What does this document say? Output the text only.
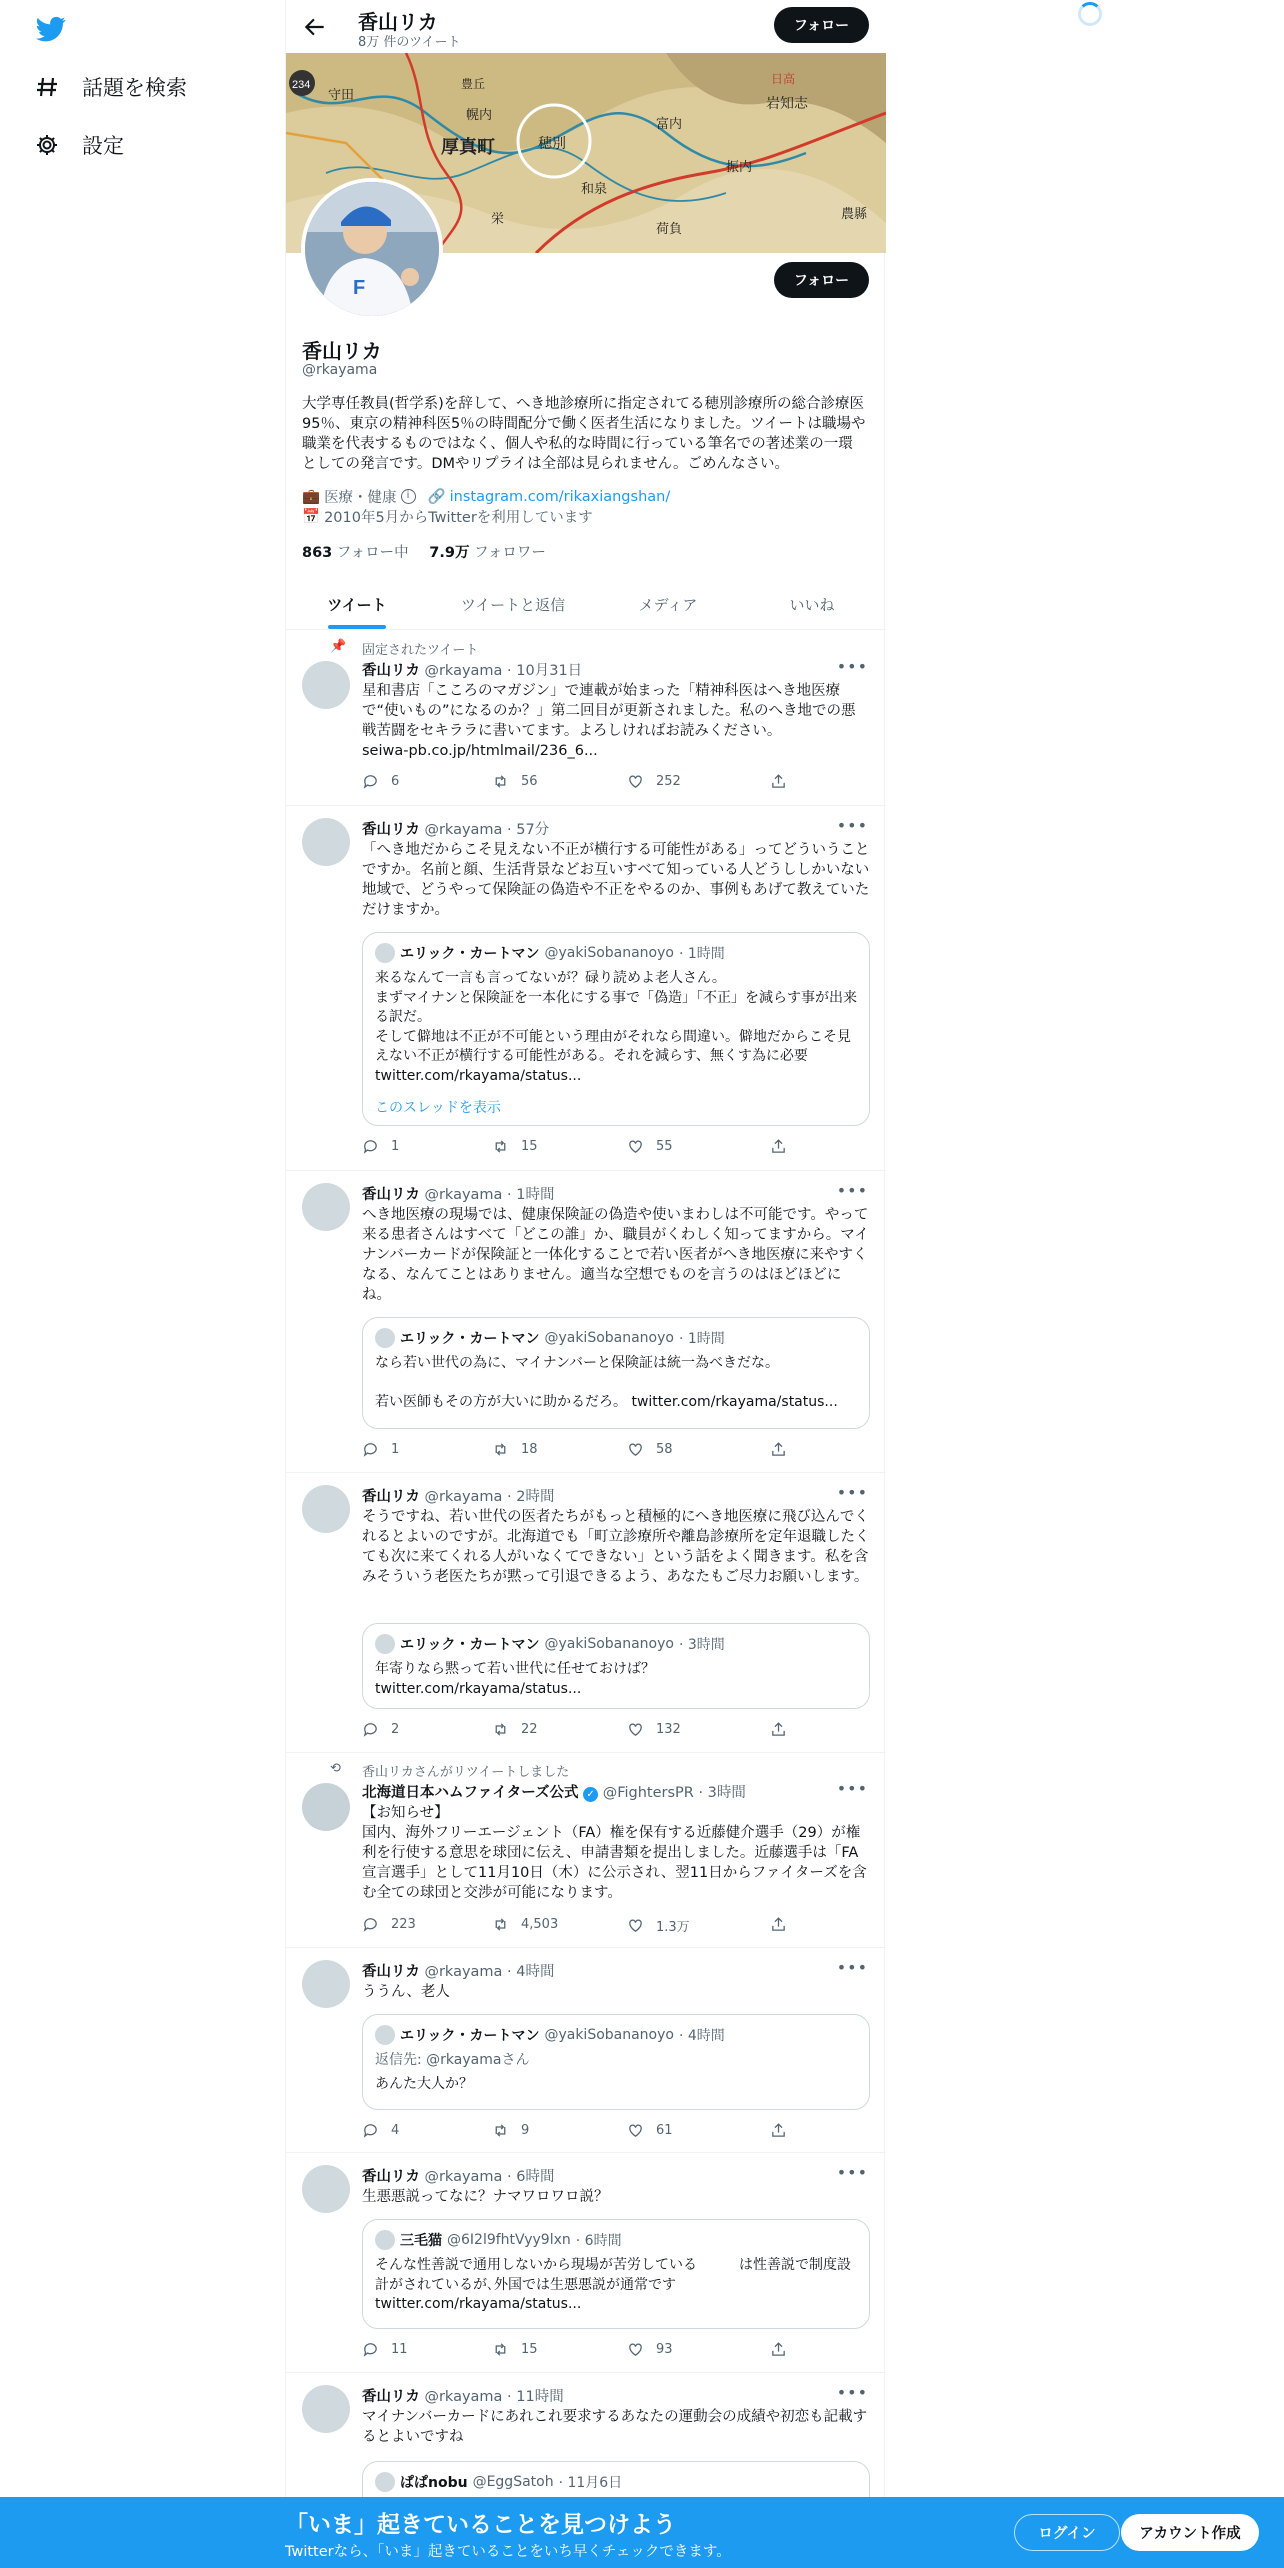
話題を検索
設定
香山リカ
8万 件のツイート
フォロー
厚真町	穂別
和泉
富内
振内
岩知志
守田
豊丘
幌内
栄
日高
荷負
農縣
234
F	フォロー
香山リカ
@rkayama
大学専任教員(哲学系)を辞して、へき地診療所に指定されてる穂別診療所の総合診療医95％、東京の精神科医5％の時間配分で働く医者生活になりました。ツイートは職場や職業を代表するものではなく、個人や私的な時間に行っている筆名での著述業の一環としての発言です。DMやリプライは全部は見られません。ごめんなさい。
💼 医療・健康	i	🔗 instagram.com/rikaxiangshan/
📅 2010年5月からTwitterを利用しています
863 フォロー中 7.9万 フォロワー
ツイート	ツイートと返信	メディア	いいね
📌 固定されたツイート
香山リカ @rkayama · 10月31日	•••
星和書店「こころのマガジン」で連載が始まった「精神科医はへき地医療で“使いもの”になるのか？」第二回目が更新されました。私のへき地での悪戦苦闘をセキララに書いてます。よろしければお読みください。
seiwa-pb.co.jp/htmlmail/236_6...
6	56	252
香山リカ @rkayama · 57分	•••
「へき地だからこそ見えない不正が横行する可能性がある」ってどういうことですか。名前と顔、生活背景などお互いすべて知っている人どうししかいない地域で、どうやって保険証の偽造や不正をやるのか、事例もあげて教えていただけますか。
エリック・カートマン @yakiSobananoyo · 1時間
来るなんて一言も言ってないが？碌り読めよ老人さん。
まずマイナンと保険証を一本化にする事で「偽造」「不正」を減らす事が出来る訳だ。
そして僻地は不正が不可能という理由がそれなら間違い。僻地だからこそ見えない不正が横行する可能性がある。それを減らす、無くす為に必要 twitter.com/rkayama/status...
このスレッドを表示
1	15	55
香山リカ @rkayama · 1時間	•••
へき地医療の現場では、健康保険証の偽造や使いまわしは不可能です。やって来る患者さんはすべて「どこの誰」か、職員がくわしく知ってますから。マイナンバーカードが保険証と一体化することで若い医者がへき地医療に来やすくなる、なんてことはありません。適当な空想でものを言うのはほどほどにね。
エリック・カートマン @yakiSobananoyo · 1時間
なら若い世代の為に、マイナンバーと保険証は統一為べきだな。

若い医師もその方が大いに助かるだろ。 twitter.com/rkayama/status...
1	18	58
香山リカ @rkayama · 2時間	•••
そうですね、若い世代の医者たちがもっと積極的にへき地医療に飛び込んでくれるとよいのですが。北海道でも「町立診療所や離島診療所を定年退職したくても次に来てくれる人がいなくてできない」という話をよく聞きます。私を含みそういう老医たちが黙って引退できるよう、あなたもご尽力お願いします。
エリック・カートマン @yakiSobananoyo · 3時間
年寄りなら黙って若い世代に任せておけば？
twitter.com/rkayama/status...
2	22	132
⟲ 香山リカさんがリツイートしました
北海道日本ハムファイターズ公式 ✓ @FightersPR · 3時間	•••
【お知らせ】
国内、海外フリーエージェント（FA）権を保有する近藤健介選手（29）が権利を行使する意思を球団に伝え、申請書類を提出しました。近藤選手は「FA宣言選手」として11月10日（木）に公示され、翌11日からファイターズを含む全ての球団と交渉が可能になります。
223	4,503	1.3万
香山リカ @rkayama · 4時間	•••
ううん、老人
エリック・カートマン @yakiSobananoyo · 4時間
返信先: @rkayamaさん
あんた大人か？
4	9	61
香山リカ @rkayama · 6時間	•••
生悪悪説ってなに？ナマワロワロ説？
三毛猫 @6I2l9fhtVyy9lxn · 6時間
そんな性善説で通用しないから現場が苦労している　　　は性善説で制度設計がされているが､外国では生悪悪説が通常です
twitter.com/rkayama/status...
11	15	93
香山リカ @rkayama · 11時間	•••
マイナンバーカードにあれこれ要求するあなたの運動会の成績や初恋も記載するとよいですね
ぱぱnobu @EggSatoh · 11月6日
「いま」起きていることを見つけよう
Twitterなら、「いま」起きていることをいち早くチェックできます。
ログイン	アカウント作成
